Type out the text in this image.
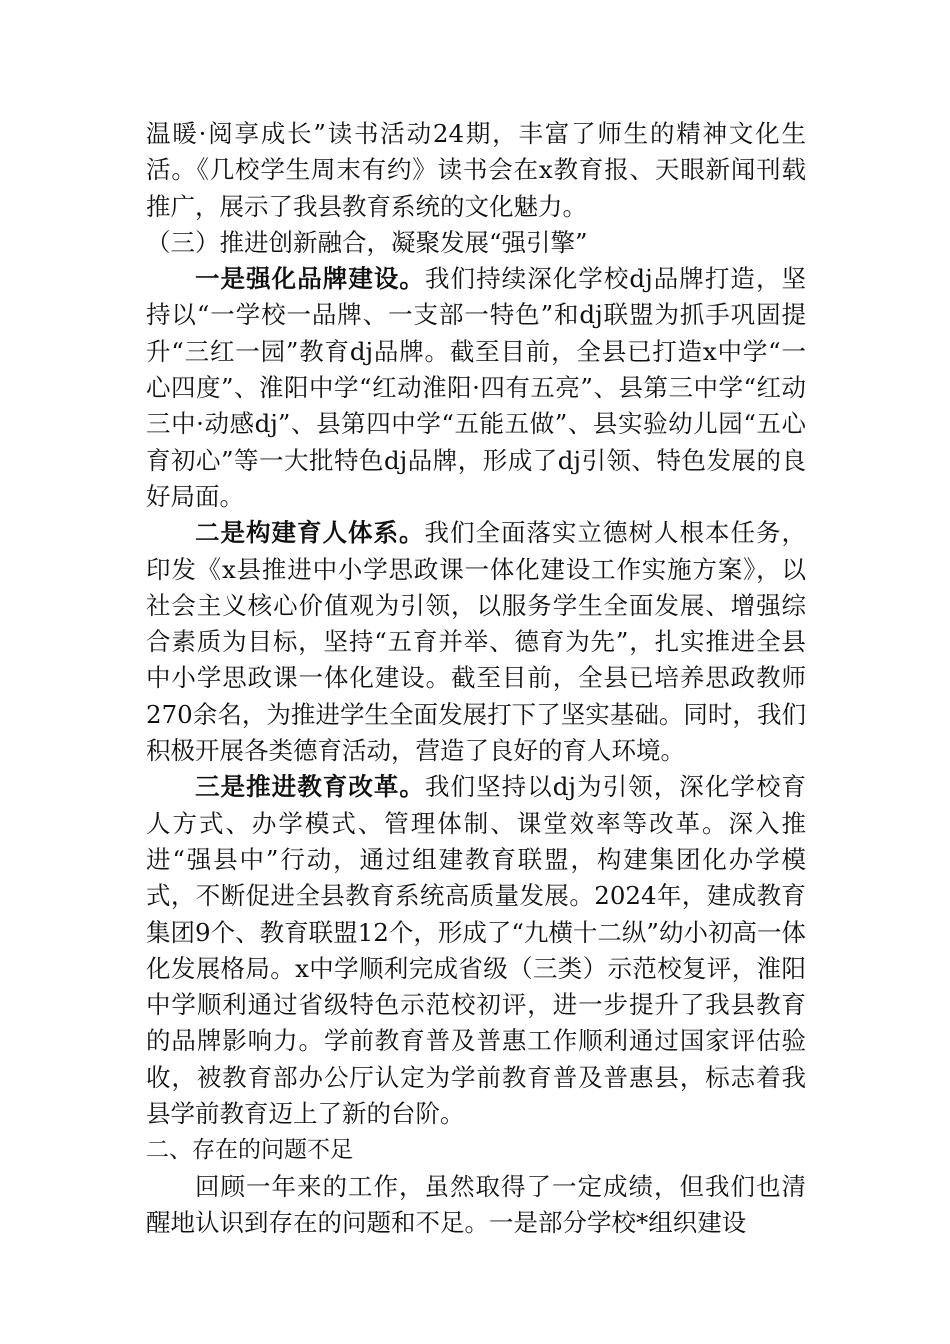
温暖·阅享成长”读书活动24期，丰富了师生的精神文化生活。《几校学生周末有约》读书会在x教育报、天眼新闻刊载推广，展示了我县教育系统的文化魅力。

（三）推进创新融合，凝聚发展“强引擎”

一是强化品牌建设。我们持续深化学校dj品牌打造，坚持以“一学校一品牌、一支部一特色”和dj联盟为抓手巩固提升“三红一园”教育dj品牌。截至目前，全县已打造x中学“一心四度”、淮阳中学“红动淮阳·四有五亮”、县第三中学“红动三中·动感dj”、县第四中学“五能五做”、县实验幼儿园“五心育初心”等一大批特色dj品牌，形成了dj引领、特色发展的良好局面。

二是构建育人体系。我们全面落实立德树人根本任务，印发《x县推进中小学思政课一体化建设工作实施方案》，以社会主义核心价值观为引领，以服务学生全面发展、增强综合素质为目标，坚持“五育并举、德育为先”，扎实推进全县中小学思政课一体化建设。截至目前，全县已培养思政教师270余名，为推进学生全面发展打下了坚实基础。同时，我们积极开展各类德育活动，营造了良好的育人环境。

三是推进教育改革。我们坚持以dj为引领，深化学校育人方式、办学模式、管理体制、课堂效率等改革。深入推进“强县中”行动，通过组建教育联盟，构建集团化办学模式，不断促进全县教育系统高质量发展。2024年，建成教育集团9个、教育联盟12个，形成了“九横十二纵”幼小初高一体化发展格局。x中学顺利完成省级（三类）示范校复评，淮阳中学顺利通过省级特色示范校初评，进一步提升了我县教育的品牌影响力。学前教育普及普惠工作顺利通过国家评估验收，被教育部办公厅认定为学前教育普及普惠县，标志着我县学前教育迈上了新的台阶。

二、存在的问题不足

回顾一年来的工作，虽然取得了一定成绩，但我们也清醒地认识到存在的问题和不足。一是部分学校*组织建设
